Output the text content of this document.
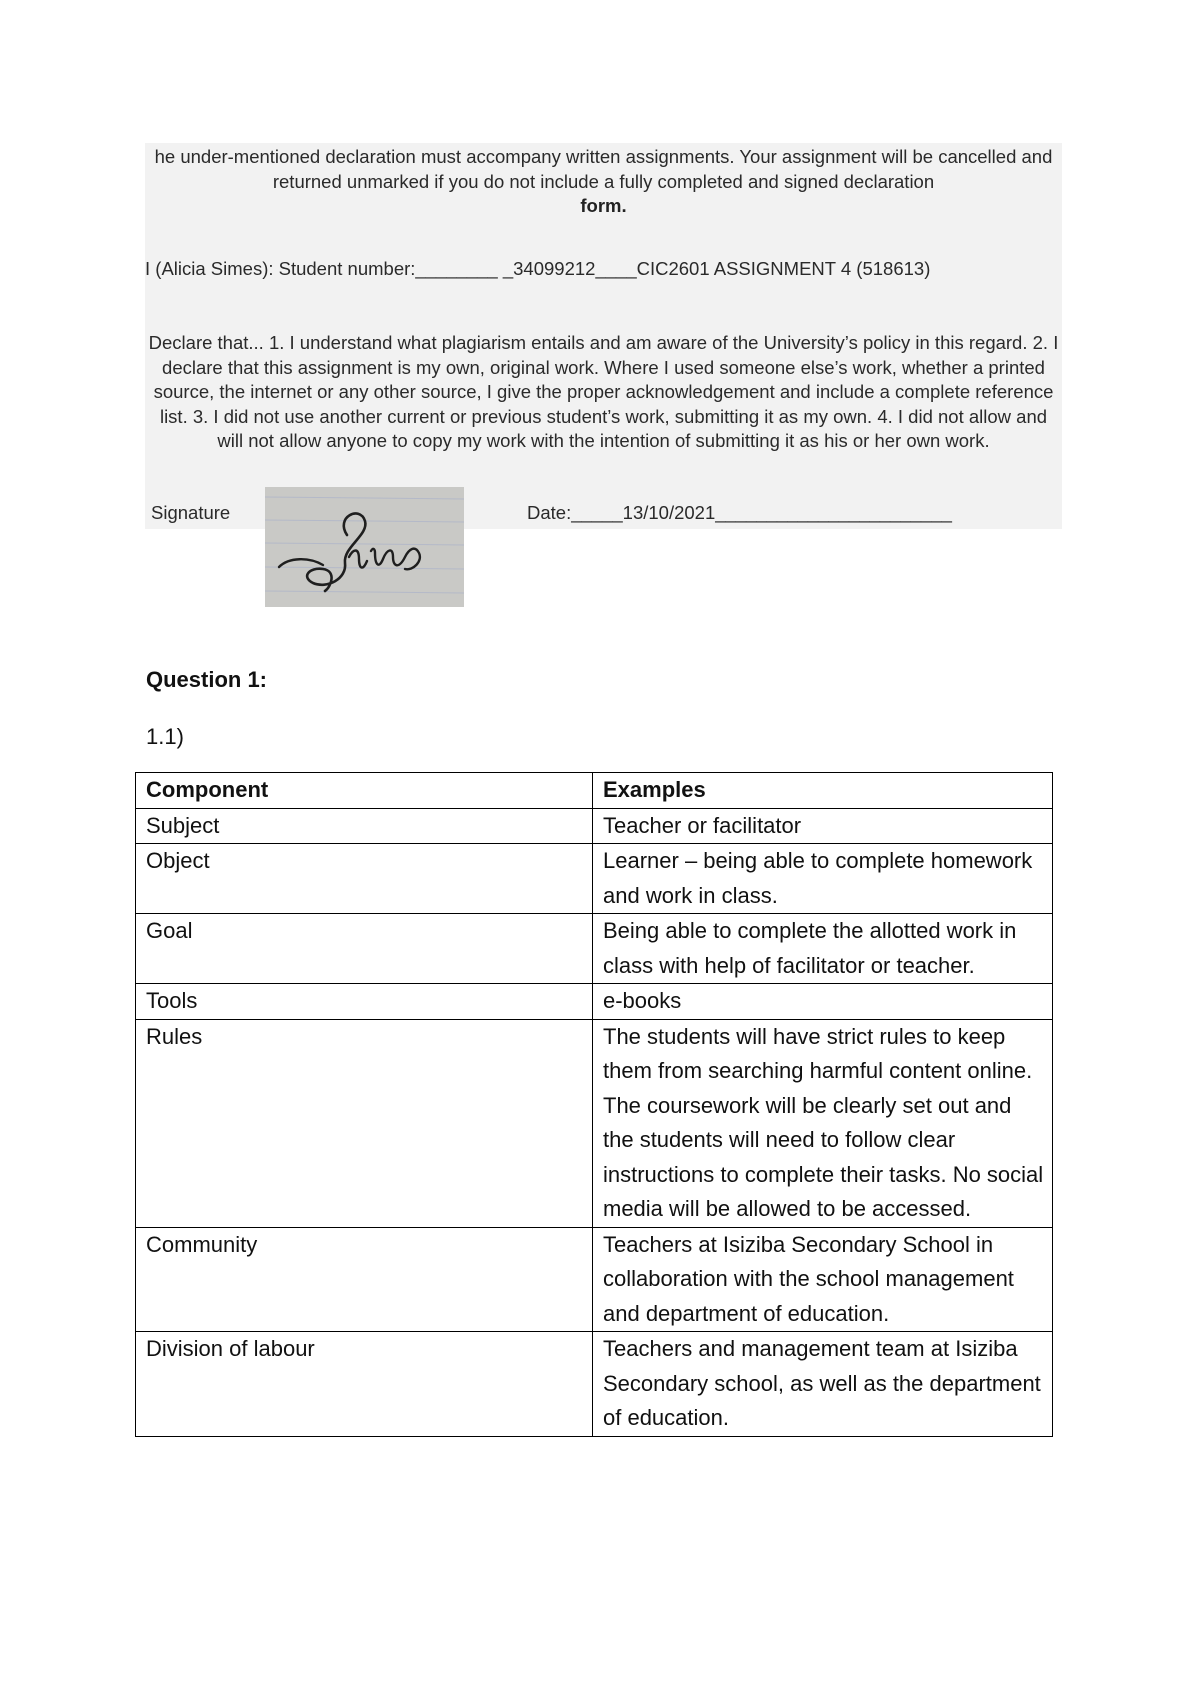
he under-mentioned declaration must accompany written assignments. Your assignment will be cancelled and returned unmarked if you do not include a fully completed and signed declaration
form.

I (Alicia Simes): Student number:________ _34099212____CIC2601 ASSIGNMENT 4 (518613)

Declare that... 1. I understand what plagiarism entails and am aware of the University’s policy in this regard. 2. I declare that this assignment is my own, original work. Where I used someone else’s work, whether a printed source, the internet or any other source, I give the proper acknowledgement and include a complete reference list. 3. I did not use another current or previous student’s work, submitting it as my own. 4. I did not allow and will not allow anyone to copy my work with the intention of submitting it as his or her own work.

Signature	Date:_____13/10/2021_______________________

Question 1:
1.1)
Component	Examples
Subject	Teacher or facilitator
Object	Learner – being able to complete homework and work in class.
Goal	Being able to complete the allotted work in class with help of facilitator or teacher.
Tools	e-books
Rules	The students will have strict rules to keep them from searching harmful content online. The coursework will be clearly set out and the students will need to follow clear instructions to complete their tasks. No social media will be allowed to be accessed.
Community	Teachers at Isiziba Secondary School in collaboration with the school management and department of education.
Division of labour	Teachers and management team at Isiziba Secondary school, as well as the department of education.
